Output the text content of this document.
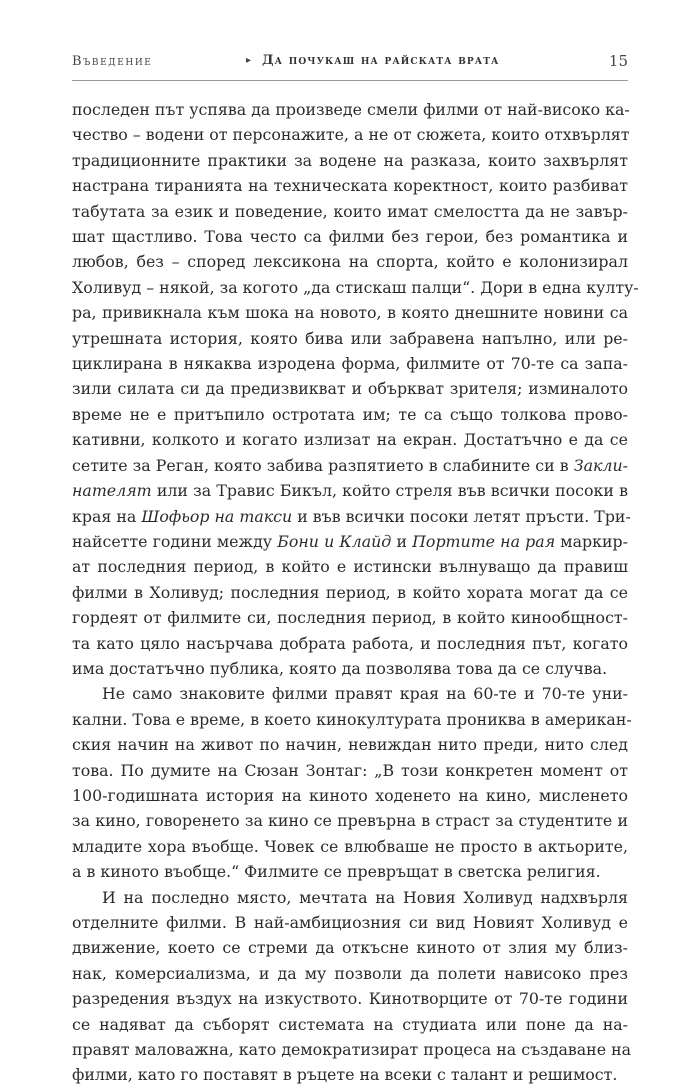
Въведение	▸ Да почукаш на райската врата	15
последен път успява да произведе смели филми от най-високо ка-
чество – водени от персонажите, а не от сюжета, които отхвърлят
традиционните практики за водене на разказа, които захвърлят
настрана тиранията на техническата коректност, които разбиват
табутата за език и поведение, които имат смелостта да не завър-
шат щастливо. Това често са филми без герои, без романтика и
любов, без – според лексикона на спорта, който е колонизирал
Холивуд – някой, за когото „да стискаш палци“. Дори в една култу-
ра, привикнала към шока на новото, в която днешните новини са
утрешната история, която бива или забравена напълно, или ре-
циклирана в някаква изродена форма, филмите от 70-те са запа-
зили силата си да предизвикват и объркват зрителя; изминалото
време не е притъпило остротата им; те са също толкова провo-
кативни, колкото и когато излизат на екран. Достатъчно е да се
сетите за Реган, която забива разпятието в слабините си в Закли-
нателят или за Травис Бикъл, който стреля във всички посоки в
края на Шофьор на такси и във всички посоки летят пръсти. Три-
найсетте години между Бони и Клайд и Портите на рая маркир-
ат последния период, в който е истински вълнуващо да правиш
филми в Холивуд; последния период, в който хората могат да се
гордеят от филмите си, последния период, в който кинообщност-
та като цяло насърчава добрата работа, и последния път, когато
има достатъчно публика, която да позволява това да се случва.
Не само знаковите филми правят края на 60-те и 70-те уни-
кални. Това е време, в което кинокултурата прониква в американ-
ския начин на живот по начин, невиждан нито преди, нито след
това. По думите на Сюзан Зонтаг: „В този конкретен момент от
100-годишната история на киното ходенето на кино, мисленето
за кино, говоренето за кино се превърна в страст за студентите и
младите хора въобще. Човек се влюбваше не просто в актьорите,
а в киното въобще.“ Филмите се превръщат в светска религия.
И на последно място, мечтата на Новия Холивуд надхвърля
отделните филми. В най-амбициозния си вид Новият Холивуд е
движение, което се стреми да откъсне киното от злия му близ-
нак, комерсиализма, и да му позволи да полети нависоко през
разредения въздух на изкуството. Кинотворците от 70-те години
се надяват да съборят системата на студиата или поне да на-
правят маловажна, като демократизират процеса на създаване на
филми, като го поставят в ръцете на всеки с талант и решимост.
